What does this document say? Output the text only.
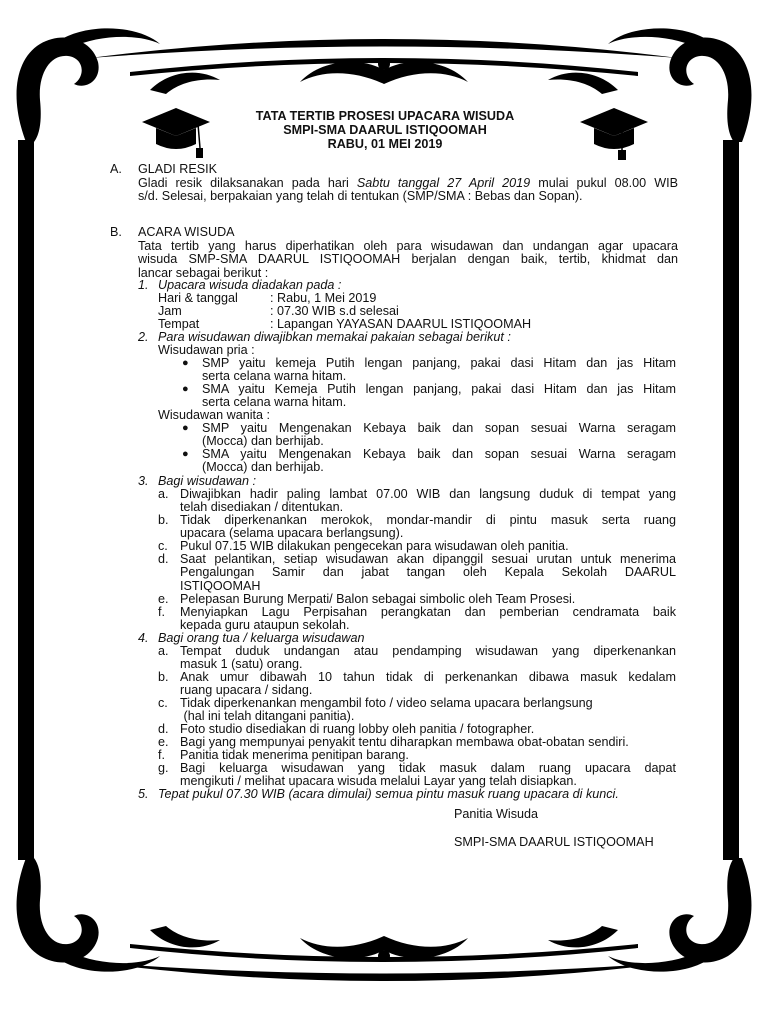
TATA TERTIB PROSESI UPACARA WISUDA
SMPI-SMA DAARUL ISTIQOOMAH
RABU, 01 MEI 2019
A. GLADI RESIK
Gladi resik dilaksanakan pada hari Sabtu tanggal 27 April 2019 mulai pukul 08.00 WIB
s/d. Selesai, berpakaian yang telah di tentukan (SMP/SMA : Bebas dan Sopan).
B. ACARA WISUDA
Tata tertib yang harus diperhatikan oleh para wisudawan dan undangan agar upacara
wisuda SMP-SMA DAARUL ISTIQOOMAH berjalan dengan baik, tertib, khidmat dan
lancar sebagai berikut :
1. Upacara wisuda diadakan pada :
Hari & tanggal	: Rabu, 1 Mei 2019
Jam	: 07.30 WIB s.d selesai
Tempat	: Lapangan YAYASAN DAARUL ISTIQOOMAH
2. Para wisudawan diwajibkan memakai pakaian sebagai berikut :
Wisudawan pria :
● SMP yaitu kemeja Putih lengan panjang, pakai dasi Hitam dan jas Hitam
serta celana warna hitam.
● SMA yaitu Kemeja Putih lengan panjang, pakai dasi Hitam dan jas Hitam
serta celana warna hitam.
Wisudawan wanita :
● SMP yaitu Mengenakan Kebaya baik dan sopan sesuai Warna seragam
(Mocca) dan berhijab.
● SMA yaitu Mengenakan Kebaya baik dan sopan sesuai Warna seragam
(Mocca) dan berhijab.
3. Bagi wisudawan :
a. Diwajibkan hadir paling lambat 07.00 WIB dan langsung duduk di tempat yang
telah disediakan / ditentukan.
b. Tidak diperkenankan merokok, mondar-mandir di pintu masuk serta ruang
upacara (selama upacara berlangsung).
c. Pukul 07.15 WIB dilakukan pengecekan para wisudawan oleh panitia.
d. Saat pelantikan, setiap wisudawan akan dipanggil sesuai urutan untuk menerima
Pengalungan Samir dan jabat tangan oleh Kepala Sekolah DAARUL
ISTIQOOMAH
e. Pelepasan Burung Merpati/ Balon sebagai simbolic oleh Team Prosesi.
f. Menyiapkan Lagu Perpisahan perangkatan dan pemberian cendramata baik
kepada guru ataupun sekolah.
4. Bagi orang tua / keluarga wisudawan
a. Tempat duduk undangan atau pendamping wisudawan yang diperkenankan
masuk 1 (satu) orang.
b. Anak umur dibawah 10 tahun tidak di perkenankan dibawa masuk kedalam
ruang upacara / sidang.
c. Tidak diperkenankan mengambil foto / video selama upacara berlangsung
(hal ini telah ditangani panitia).
d. Foto studio disediakan di ruang lobby oleh panitia / fotographer.
e. Bagi yang mempunyai penyakit tentu diharapkan membawa obat-obatan sendiri.
f. Panitia tidak menerima penitipan barang.
g. Bagi keluarga wisudawan yang tidak masuk dalam ruang upacara dapat
mengikuti / melihat upacara wisuda melalui Layar yang telah disiapkan.
5. Tepat pukul 07.30 WIB (acara dimulai) semua pintu masuk ruang upacara di kunci.
Panitia Wisuda
SMPI-SMA DAARUL ISTIQOOMAH
